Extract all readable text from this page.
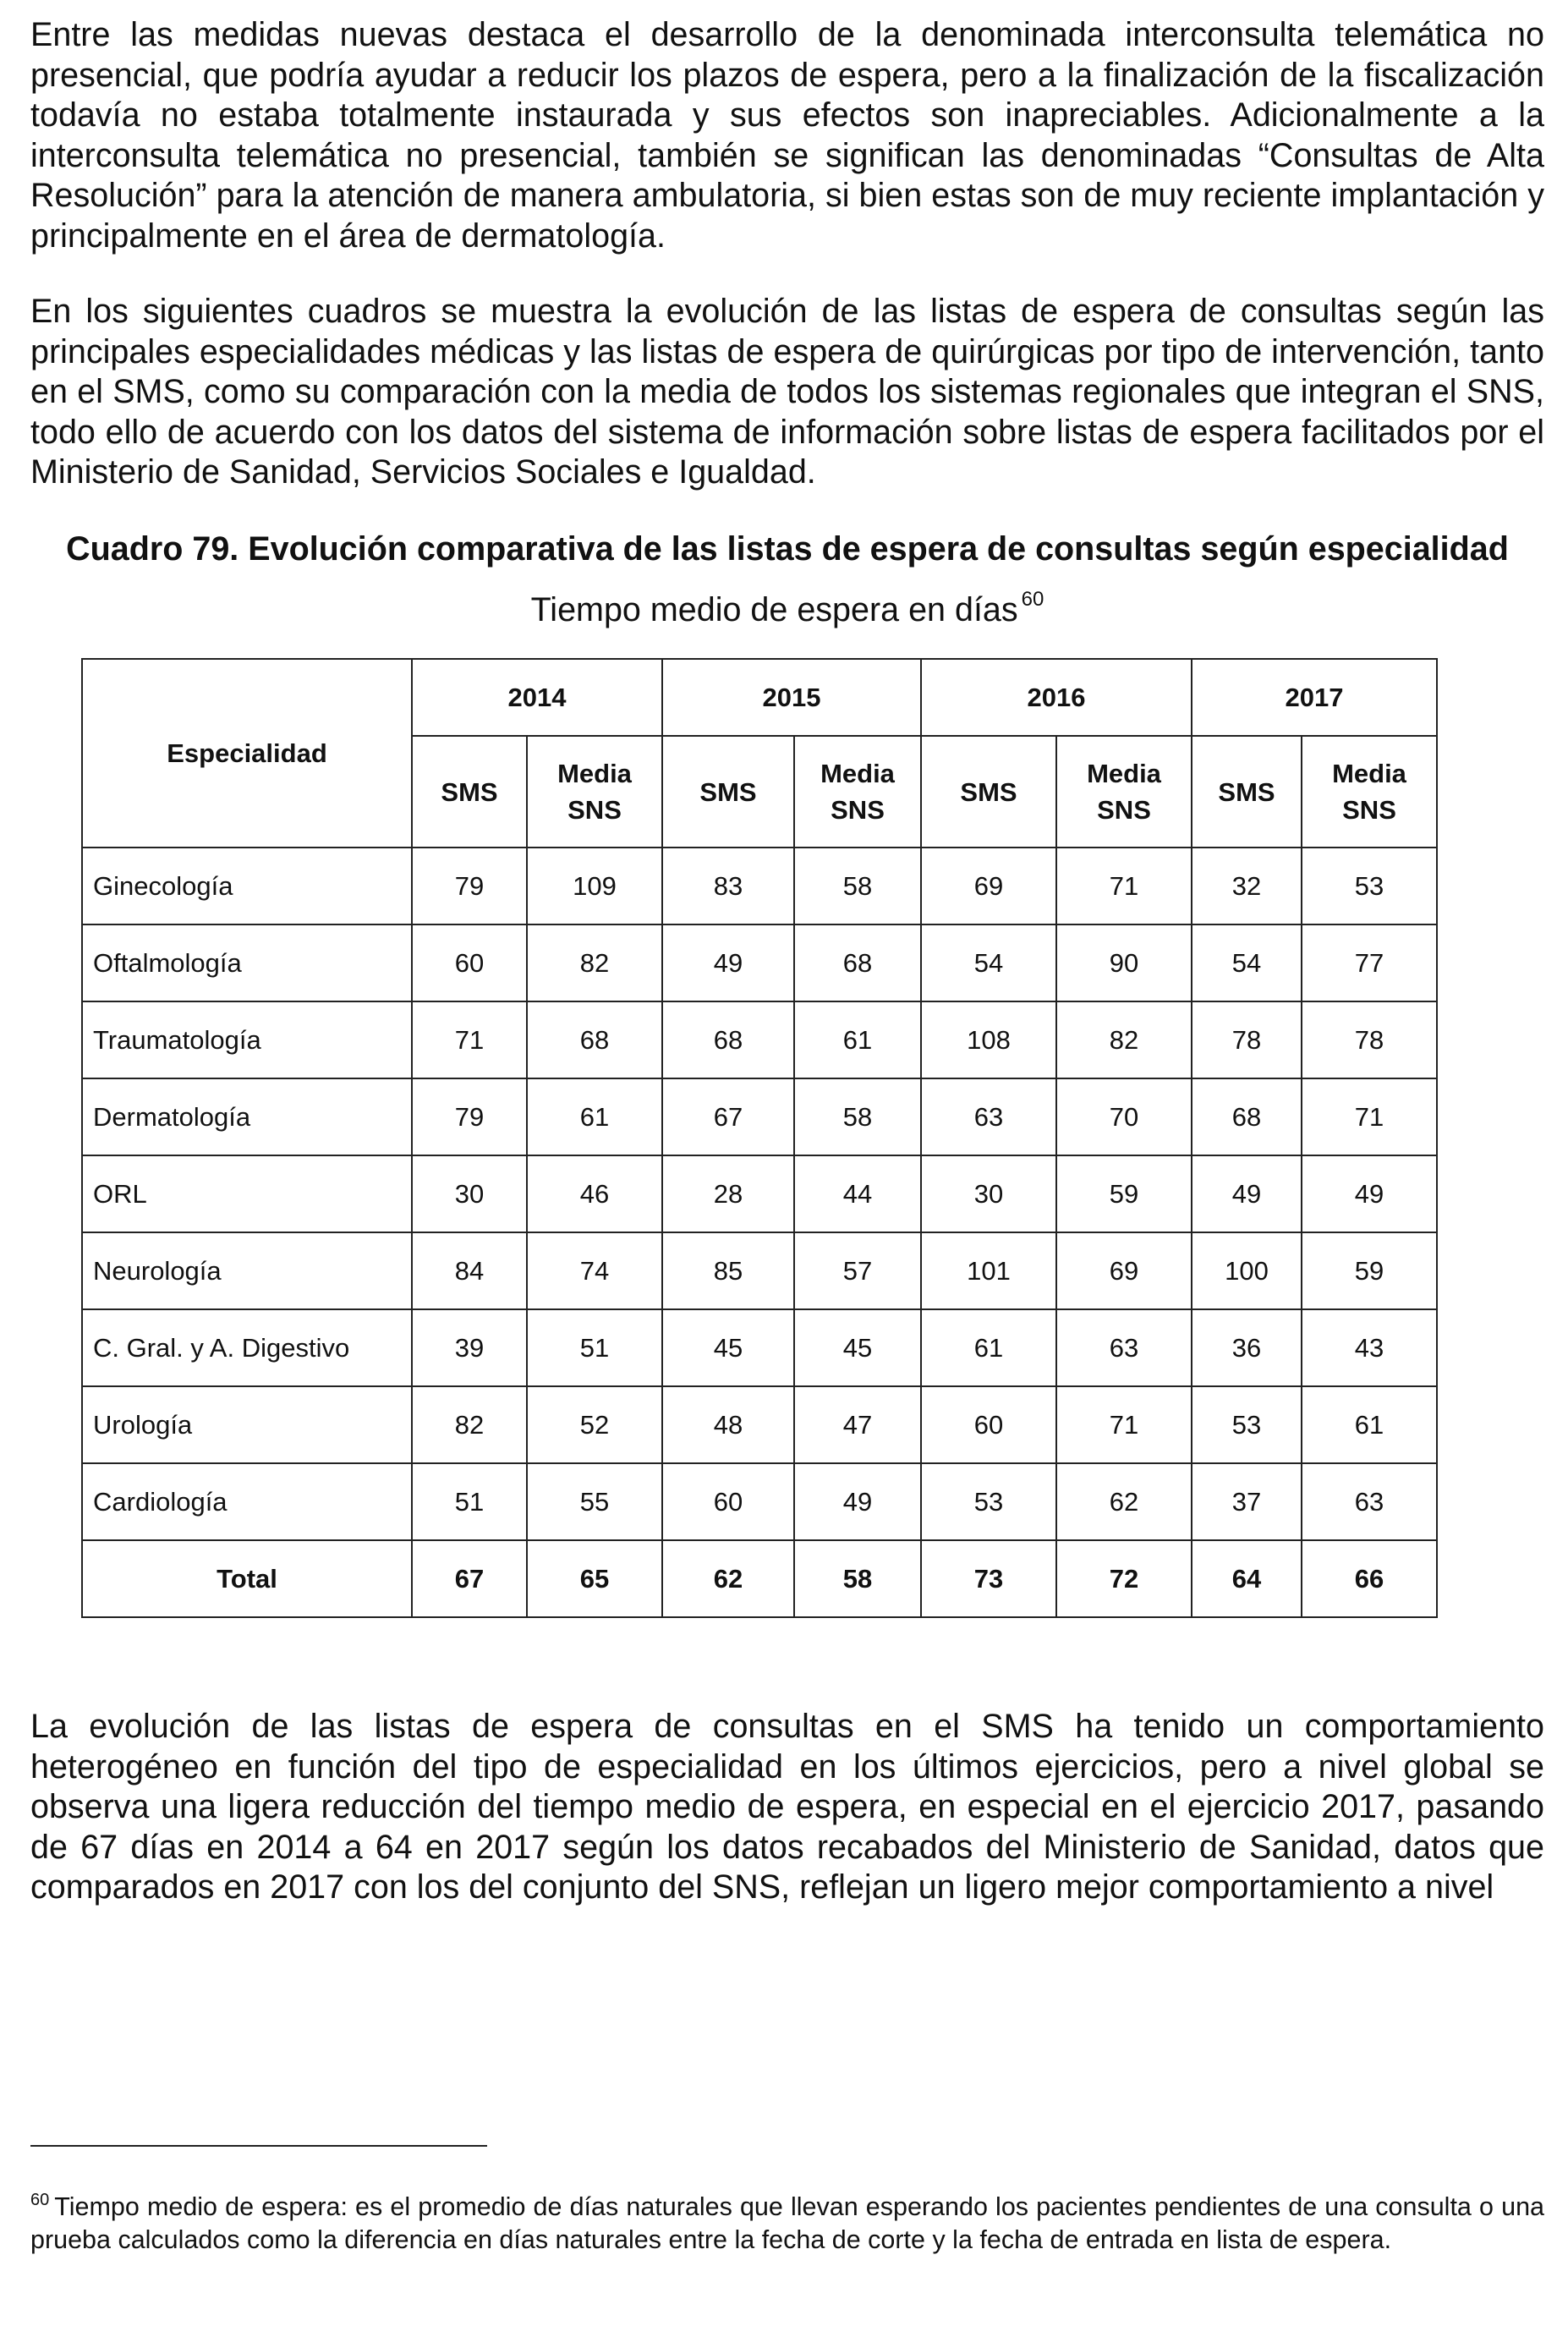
Entre las medidas nuevas destaca el desarrollo de la denominada interconsulta telemática no presencial, que podría ayudar a reducir los plazos de espera, pero a la finalización de la fiscalización todavía no estaba totalmente instaurada y sus efectos son inapreciables. Adicionalmente a la interconsulta telemática no presencial, también se significan las denominadas “Consultas de Alta Resolución” para la atención de manera ambulatoria, si bien estas son de muy reciente implantación y principalmente en el área de dermatología.

En los siguientes cuadros se muestra la evolución de las listas de espera de consultas según las principales especialidades médicas y las listas de espera de quirúrgicas por tipo de intervención, tanto en el SMS, como su comparación con la media de todos los sistemas regionales que integran el SNS, todo ello de acuerdo con los datos del sistema de información sobre listas de espera facilitados por el Ministerio de Sanidad, Servicios Sociales e Igualdad.

Cuadro 79. Evolución comparativa de las listas de espera de consultas según especialidad

Tiempo medio de espera en días $^{60}$

La evolución de las listas de espera de consultas en el SMS ha tenido un comportamiento heterogéneo en función del tipo de especialidad en los últimos ejercicios, pero a nivel global se observa una ligera reducción del tiempo medio de espera, en especial en el ejercicio 2017, pasando de 67 días en 2014 a 64 en 2017 según los datos recabados del Ministerio de Sanidad, datos que comparados en 2017 con los del conjunto del SNS, reflejan un ligero mejor comportamiento a nivel

Especialidad	2014		2015		2016		2017	
	SMS	Media SNS	SMS	Media SNS	SMS	Media SNS	SMS	Media SNS
Ginecología	79	109	83	58	69	71	32	53
Oftalmología	60	82	49	68	54	90	54	77
Traumatología	71	68	68	61	108	82	78	78
Dermatología	79	61	67	58	63	70	68	71
ORL	30	46	28	44	30	59	49	49
Neurología	84	74	85	57	101	69	100	59
C. Gral. y A. Digestivo	39	51	45	45	61	63	36	43
Urología	82	52	48	47	60	71	53	61
Cardiología	51	55	60	49	53	62	37	63
Total	67	65	62	58	73	72	64	66

$^{60}$ Tiempo medio de espera: es el promedio de días naturales que llevan esperando los pacientes pendientes de una consulta o una prueba calculados como la diferencia en días naturales entre la fecha de corte y la fecha de entrada en lista de espera.
